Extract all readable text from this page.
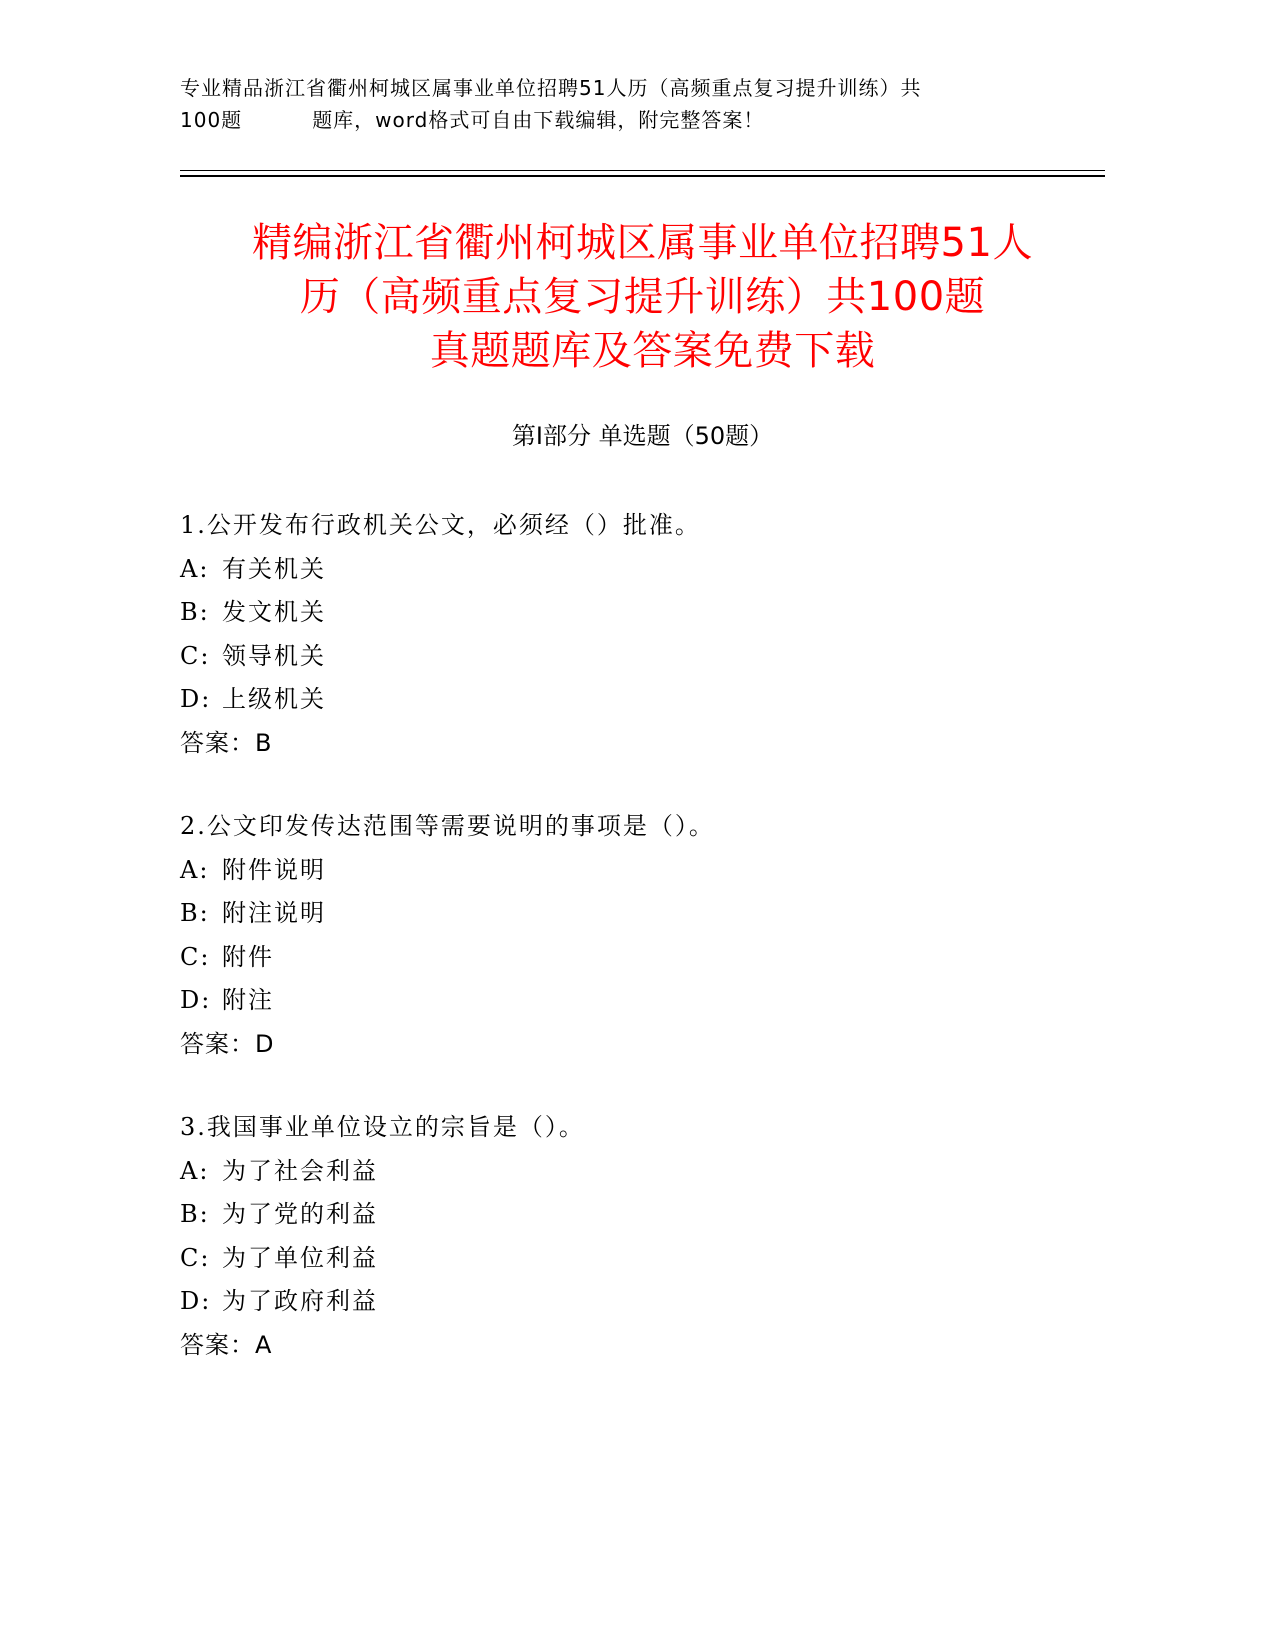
专业精品浙江省衢州柯城区属事业单位招聘51人历（高频重点复习提升训练）共
100题	题库，word格式可自由下载编辑，附完整答案！
精编浙江省衢州柯城区属事业单位招聘51人
历（高频重点复习提升训练）共100题
真题题库及答案免费下载
第Ⅰ部分 单选题（50题）
1.公开发布行政机关公文，必须经（）批准。
A: 有关机关
B: 发文机关
C: 领导机关
D: 上级机关
答案：B
2.公文印发传达范围等需要说明的事项是（）。
A: 附件说明
B: 附注说明
C: 附件
D: 附注
答案：D
3.我国事业单位设立的宗旨是（）。
A: 为了社会利益
B: 为了党的利益
C: 为了单位利益
D: 为了政府利益
答案：A
